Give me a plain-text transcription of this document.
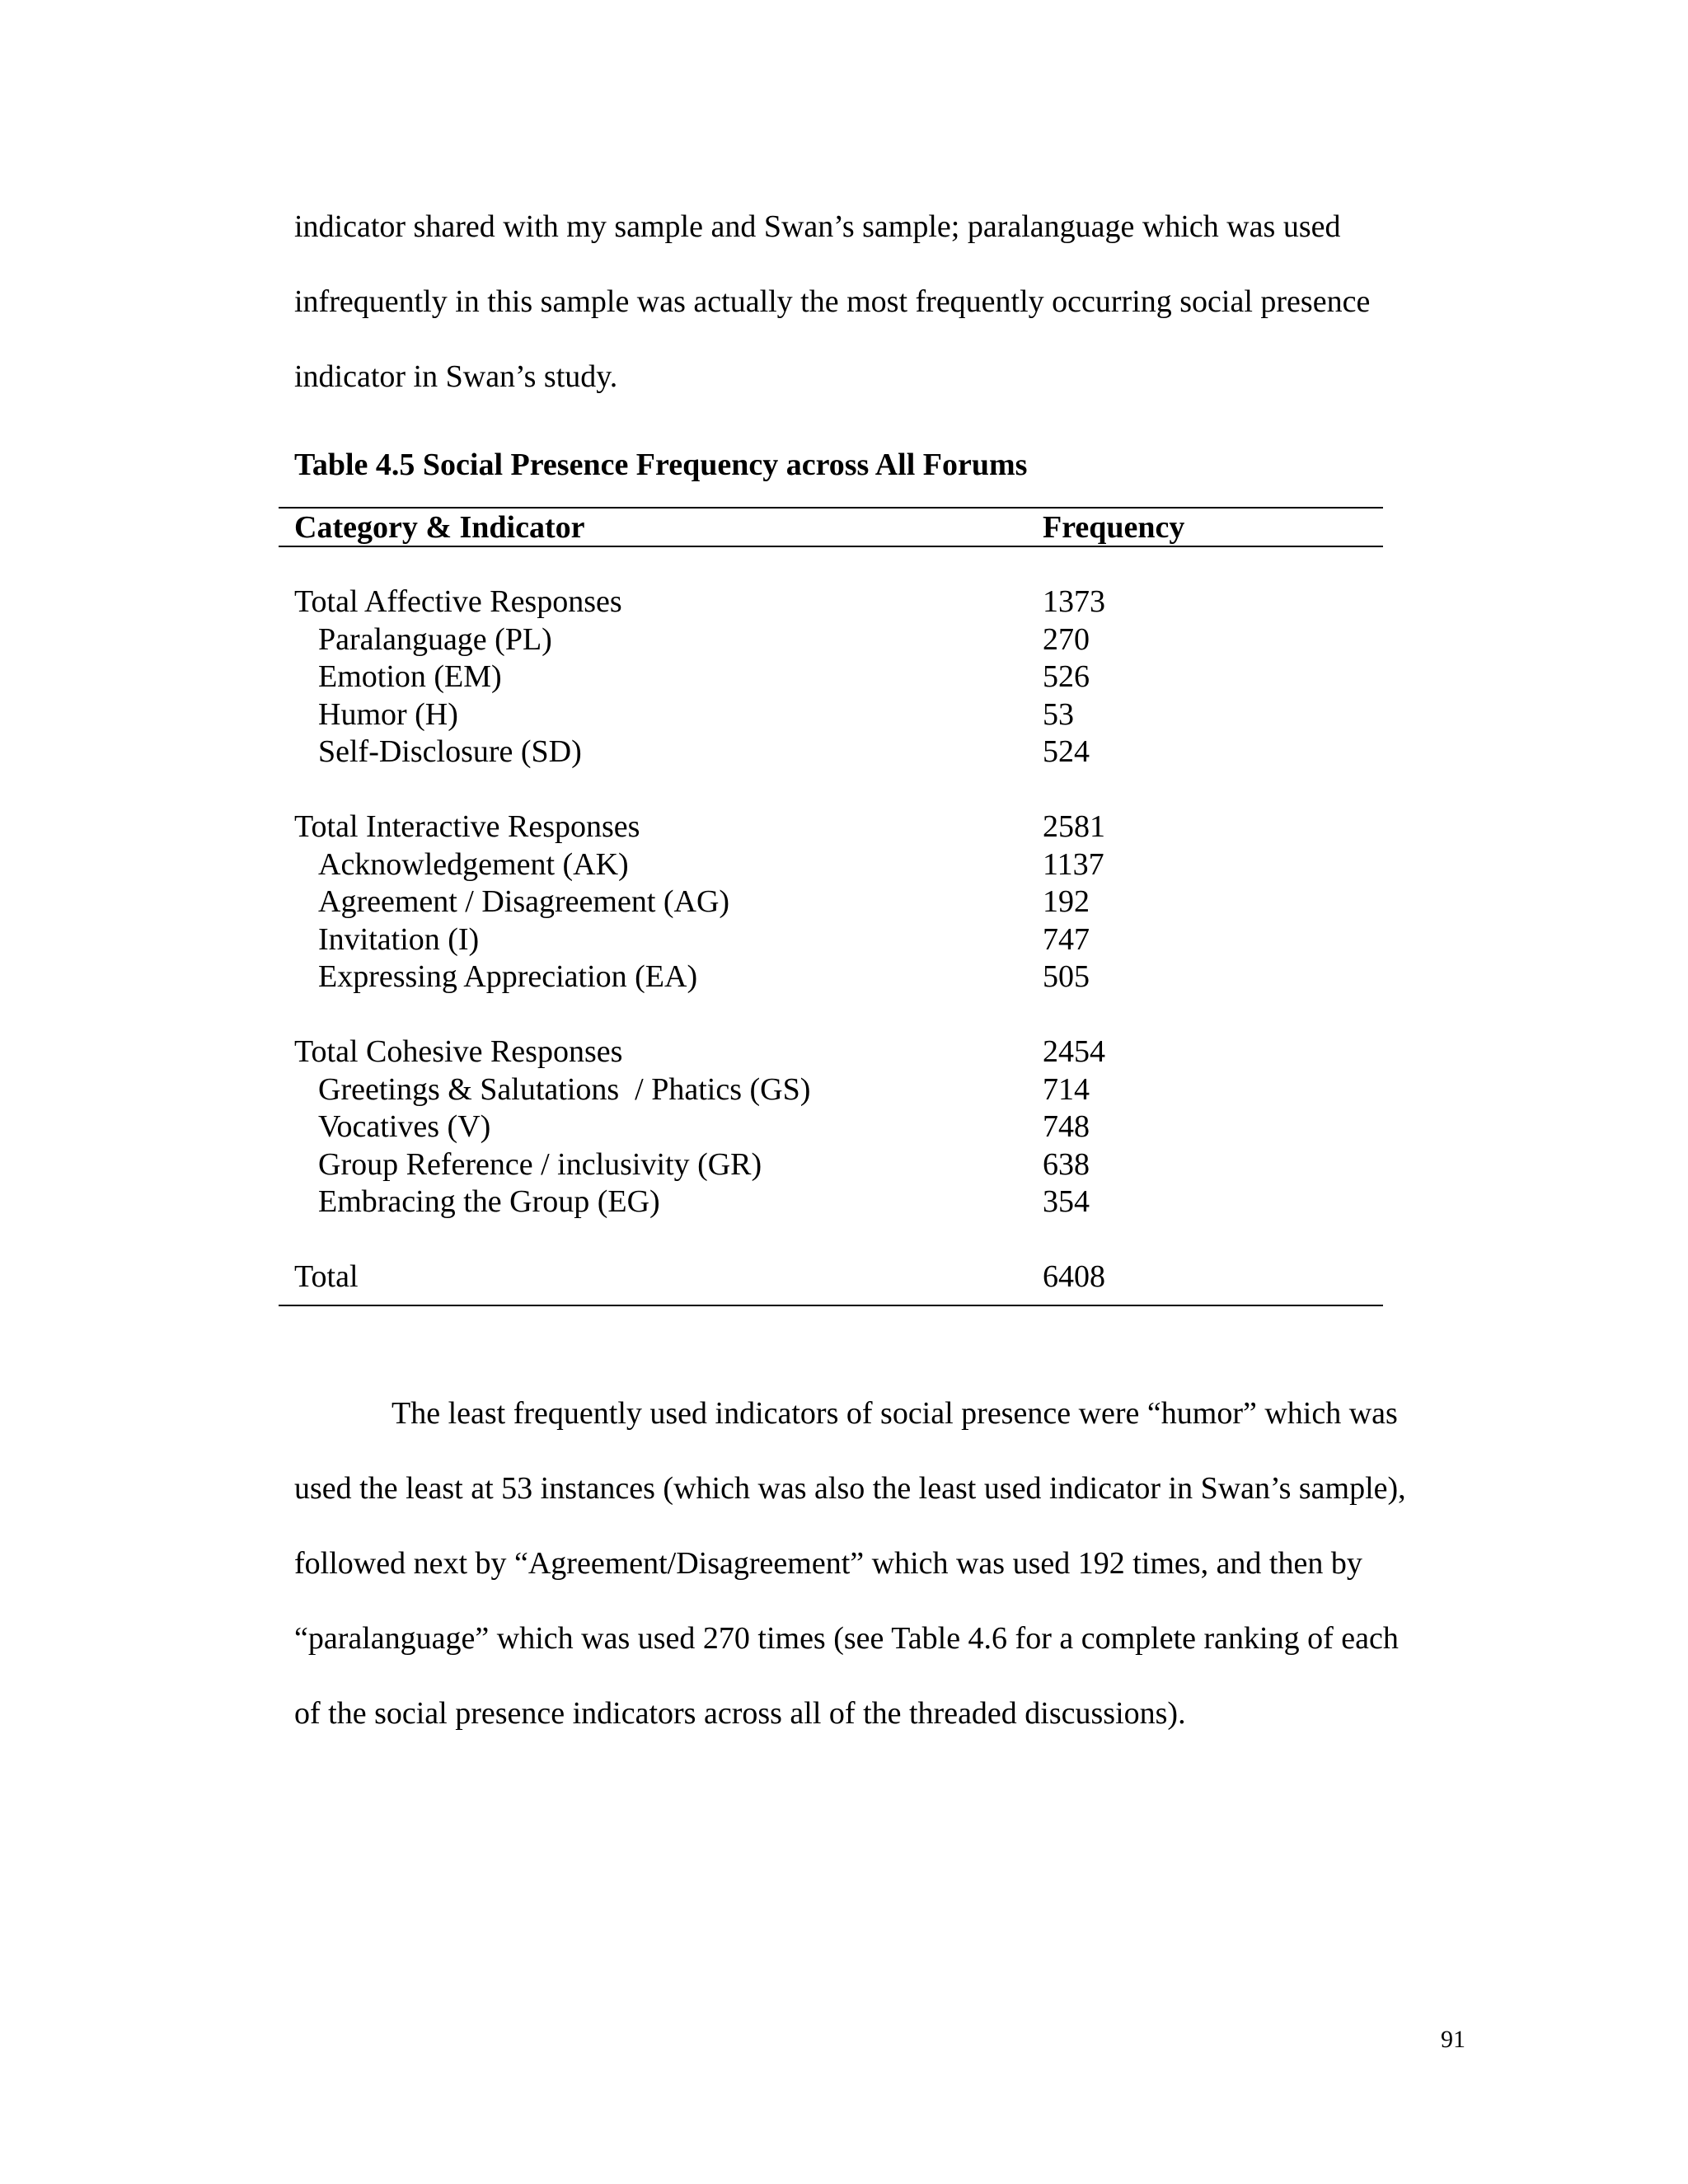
indicator shared with my sample and Swan’s sample; paralanguage which was used

infrequently in this sample was actually the most frequently occurring social presence

indicator in Swan’s study.

Table 4.5 Social Presence Frequency across All Forums
Category & Indicator	Frequency
Total Affective Responses	1373
Paralanguage (PL)	270
Emotion (EM)	526
Humor (H)	53
Self-Disclosure (SD)	524
Total Interactive Responses	2581
Acknowledgement (AK)	1137
Agreement / Disagreement (AG)	192
Invitation (I)	747
Expressing Appreciation (EA)	505
Total Cohesive Responses	2454
Greetings & Salutations  / Phatics (GS)	714
Vocatives (V)	748
Group Reference / inclusivity (GR)	638
Embracing the Group (EG)	354
Total	6408

The least frequently used indicators of social presence were “humor” which was

used the least at 53 instances (which was also the least used indicator in Swan’s sample),

followed next by “Agreement/Disagreement” which was used 192 times, and then by

“paralanguage” which was used 270 times (see Table 4.6 for a complete ranking of each

of the social presence indicators across all of the threaded discussions).

91
